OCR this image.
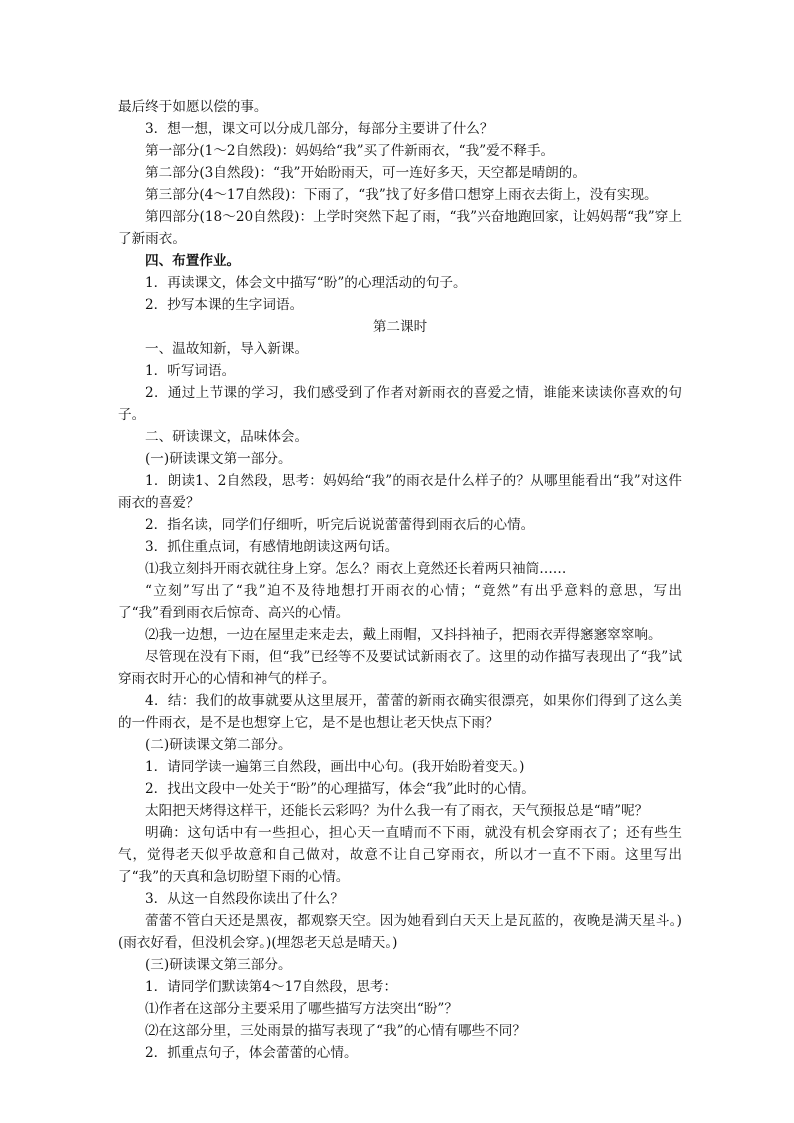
最后终于如愿以偿的事。

3．想一想，课文可以分成几部分，每部分主要讲了什么？

第一部分(1～2自然段)：妈妈给“我”买了件新雨衣，“我”爱不释手。

第二部分(3自然段)：“我”开始盼雨天，可一连好多天，天空都是晴朗的。

第三部分(4～17自然段)：下雨了，“我”找了好多借口想穿上雨衣去街上，没有实现。

第四部分(18～20自然段)：上学时突然下起了雨，“我”兴奋地跑回家，让妈妈帮“我”穿上了新雨衣。

四、布置作业。

1．再读课文，体会文中描写“盼”的心理活动的句子。

2．抄写本课的生字词语。

第二课时

一、温故知新，导入新课。

1．听写词语。

2．通过上节课的学习，我们感受到了作者对新雨衣的喜爱之情，谁能来读读你喜欢的句子。

二、研读课文，品味体会。

(一)研读课文第一部分。

1．朗读1、2自然段，思考：妈妈给“我”的雨衣是什么样子的？从哪里能看出“我”对这件雨衣的喜爱？

2．指名读，同学们仔细听，听完后说说蕾蕾得到雨衣后的心情。

3．抓住重点词，有感情地朗读这两句话。

⑴我立刻抖开雨衣就往身上穿。怎么？雨衣上竟然还长着两只袖筒……

“立刻”写出了“我”迫不及待地想打开雨衣的心情；“竟然”有出乎意料的意思，写出了“我”看到雨衣后惊奇、高兴的心情。

⑵我一边想，一边在屋里走来走去，戴上雨帽，又抖抖袖子，把雨衣弄得窸窸窣窣响。

尽管现在没有下雨，但“我”已经等不及要试试新雨衣了。这里的动作描写表现出了“我”试穿雨衣时开心的心情和神气的样子。

4．结：我们的故事就要从这里展开，蕾蕾的新雨衣确实很漂亮，如果你们得到了这么美的一件雨衣，是不是也想穿上它，是不是也想让老天快点下雨？

(二)研读课文第二部分。

1．请同学读一遍第三自然段，画出中心句。(我开始盼着变天。)

2．找出文段中一处关于“盼”的心理描写，体会“我”此时的心情。

太阳把天烤得这样干，还能长云彩吗？为什么我一有了雨衣，天气预报总是“晴”呢？

明确：这句话中有一些担心，担心天一直晴而不下雨，就没有机会穿雨衣了；还有些生气，觉得老天似乎故意和自己做对，故意不让自己穿雨衣，所以才一直不下雨。这里写出了“我”的天真和急切盼望下雨的心情。

3．从这一自然段你读出了什么？

蕾蕾不管白天还是黑夜，都观察天空。因为她看到白天天上是瓦蓝的，夜晚是满天星斗。)(雨衣好看，但没机会穿。)(埋怨老天总是晴天。)

(三)研读课文第三部分。

1．请同学们默读第4～17自然段，思考：

⑴作者在这部分主要采用了哪些描写方法突出“盼”？

⑵在这部分里，三处雨景的描写表现了“我”的心情有哪些不同？

2．抓重点句子，体会蕾蕾的心情。
